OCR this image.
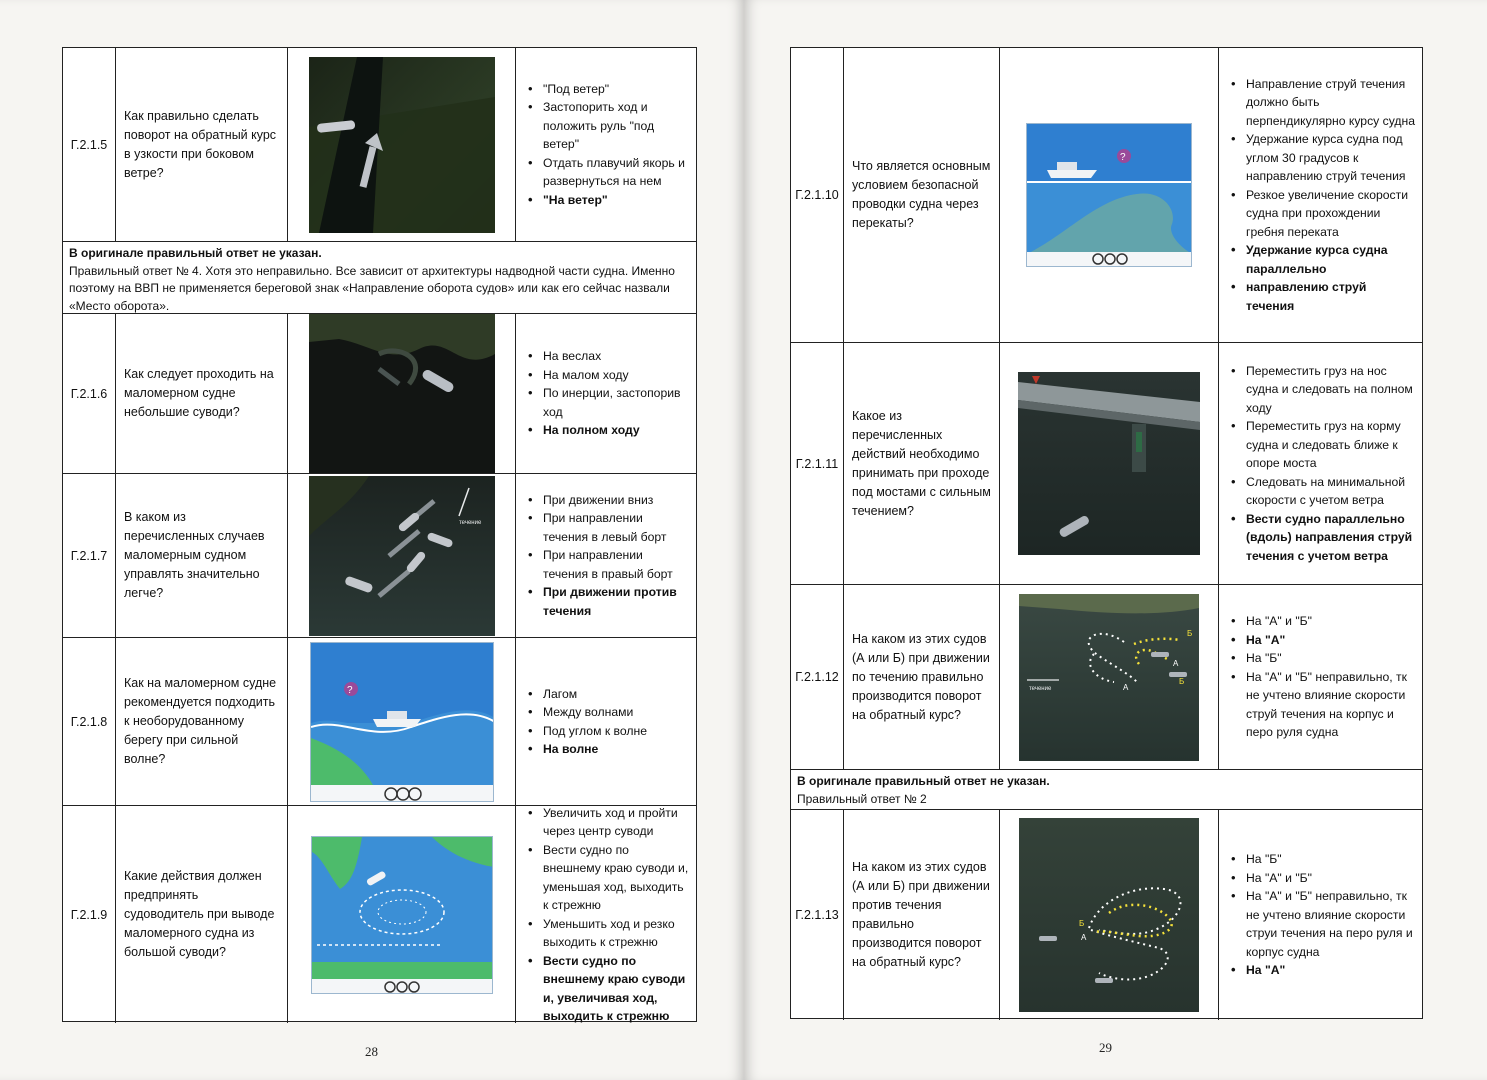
Г.2.1.5
Как правильно сделать поворот на обратный курс в узкости при боковом ветре?
• "Под ветер"
• Застопорить ход и положить руль "под ветер"
• Отдать плавучий якорь и развернуться на нем
• "На ветер"
В оригинале правильный ответ не указан.
Правильный ответ № 4. Хотя это неправильно. Все зависит от архитектуры надводной части судна. Именно поэтому на ВВП не применяется береговой знак «Направление оборота судов» или как его сейчас назвали «Место оборота».
Г.2.1.6
Как следует проходить на маломерном судне небольшие суводи?
• На веслах
• На малом ходу
• По инерции, застопорив ход
• На полном ходу
Г.2.1.7
В каком из перечисленных случаев маломерным судном управлять значительно легче?
течение
• При движении вниз
• При направлении течения в левый борт
• При направлении течения в правый борт
• При движении против течения
Г.2.1.8
Как на маломерном судне рекомендуется подходить к необорудованному берегу при сильной волне?
?
•	Лагом
• Между волнами
• Под углом к волне
• На волне
Г.2.1.9
Какие действия должен предпринять судоводитель при выводе маломерного судна из большой суводи?
• Увеличить ход и пройти через центр суводи
• Вести судно по внешнему краю суводи и, уменьшая ход, выходить к стрежню
• Уменьшить ход и резко выходить к стрежню
• Вести судно по внешнему краю суводи и, увеличивая ход, выходить к стрежню
28
Г.2.1.10
Что является основным условием безопасной проводки судна через перекаты?
?
• Направление струй течения должно быть перпендикулярно курсу судна
• Удержание курса судна под углом 30 градусов к направлению струй течения
• Резкое увеличение скорости судна при прохождении гребня переката
• Удержание курса судна параллельно
• направлению струй течения
Г.2.1.11
Какое из перечисленных действий необходимо принимать при проходе под мостами с сильным течением?
• Переместить груз на нос судна и следовать на полном ходу
• Переместить груз на корму судна и следовать ближе к опоре моста
• Следовать на минимальной скорости с учетом ветра
• Вести судно параллельно (вдоль) направления струй течения с учетом ветра
Г.2.1.12
На каком из этих судов (А или Б) при движении по течению правильно производится поворот на обратный курс?
Б
А
А
Б
течение
• На "А" и "Б"
• На "А"
• На "Б"
• На "А" и "Б" неправильно, тк не учтено влияние скорости струй течения на корпус и перо руля судна
В оригинале правильный ответ не указан.
Правильный ответ № 2
Г.2.1.13
На каком из этих судов (А или Б) при движении против течения правильно производится поворот на обратный курс?
Б
А
• На "Б"
• На "А" и "Б"
• На "А" и "Б" неправильно, тк не учтено влияние скорости струи течения на перо руля и корпус судна
• На "А"
29
